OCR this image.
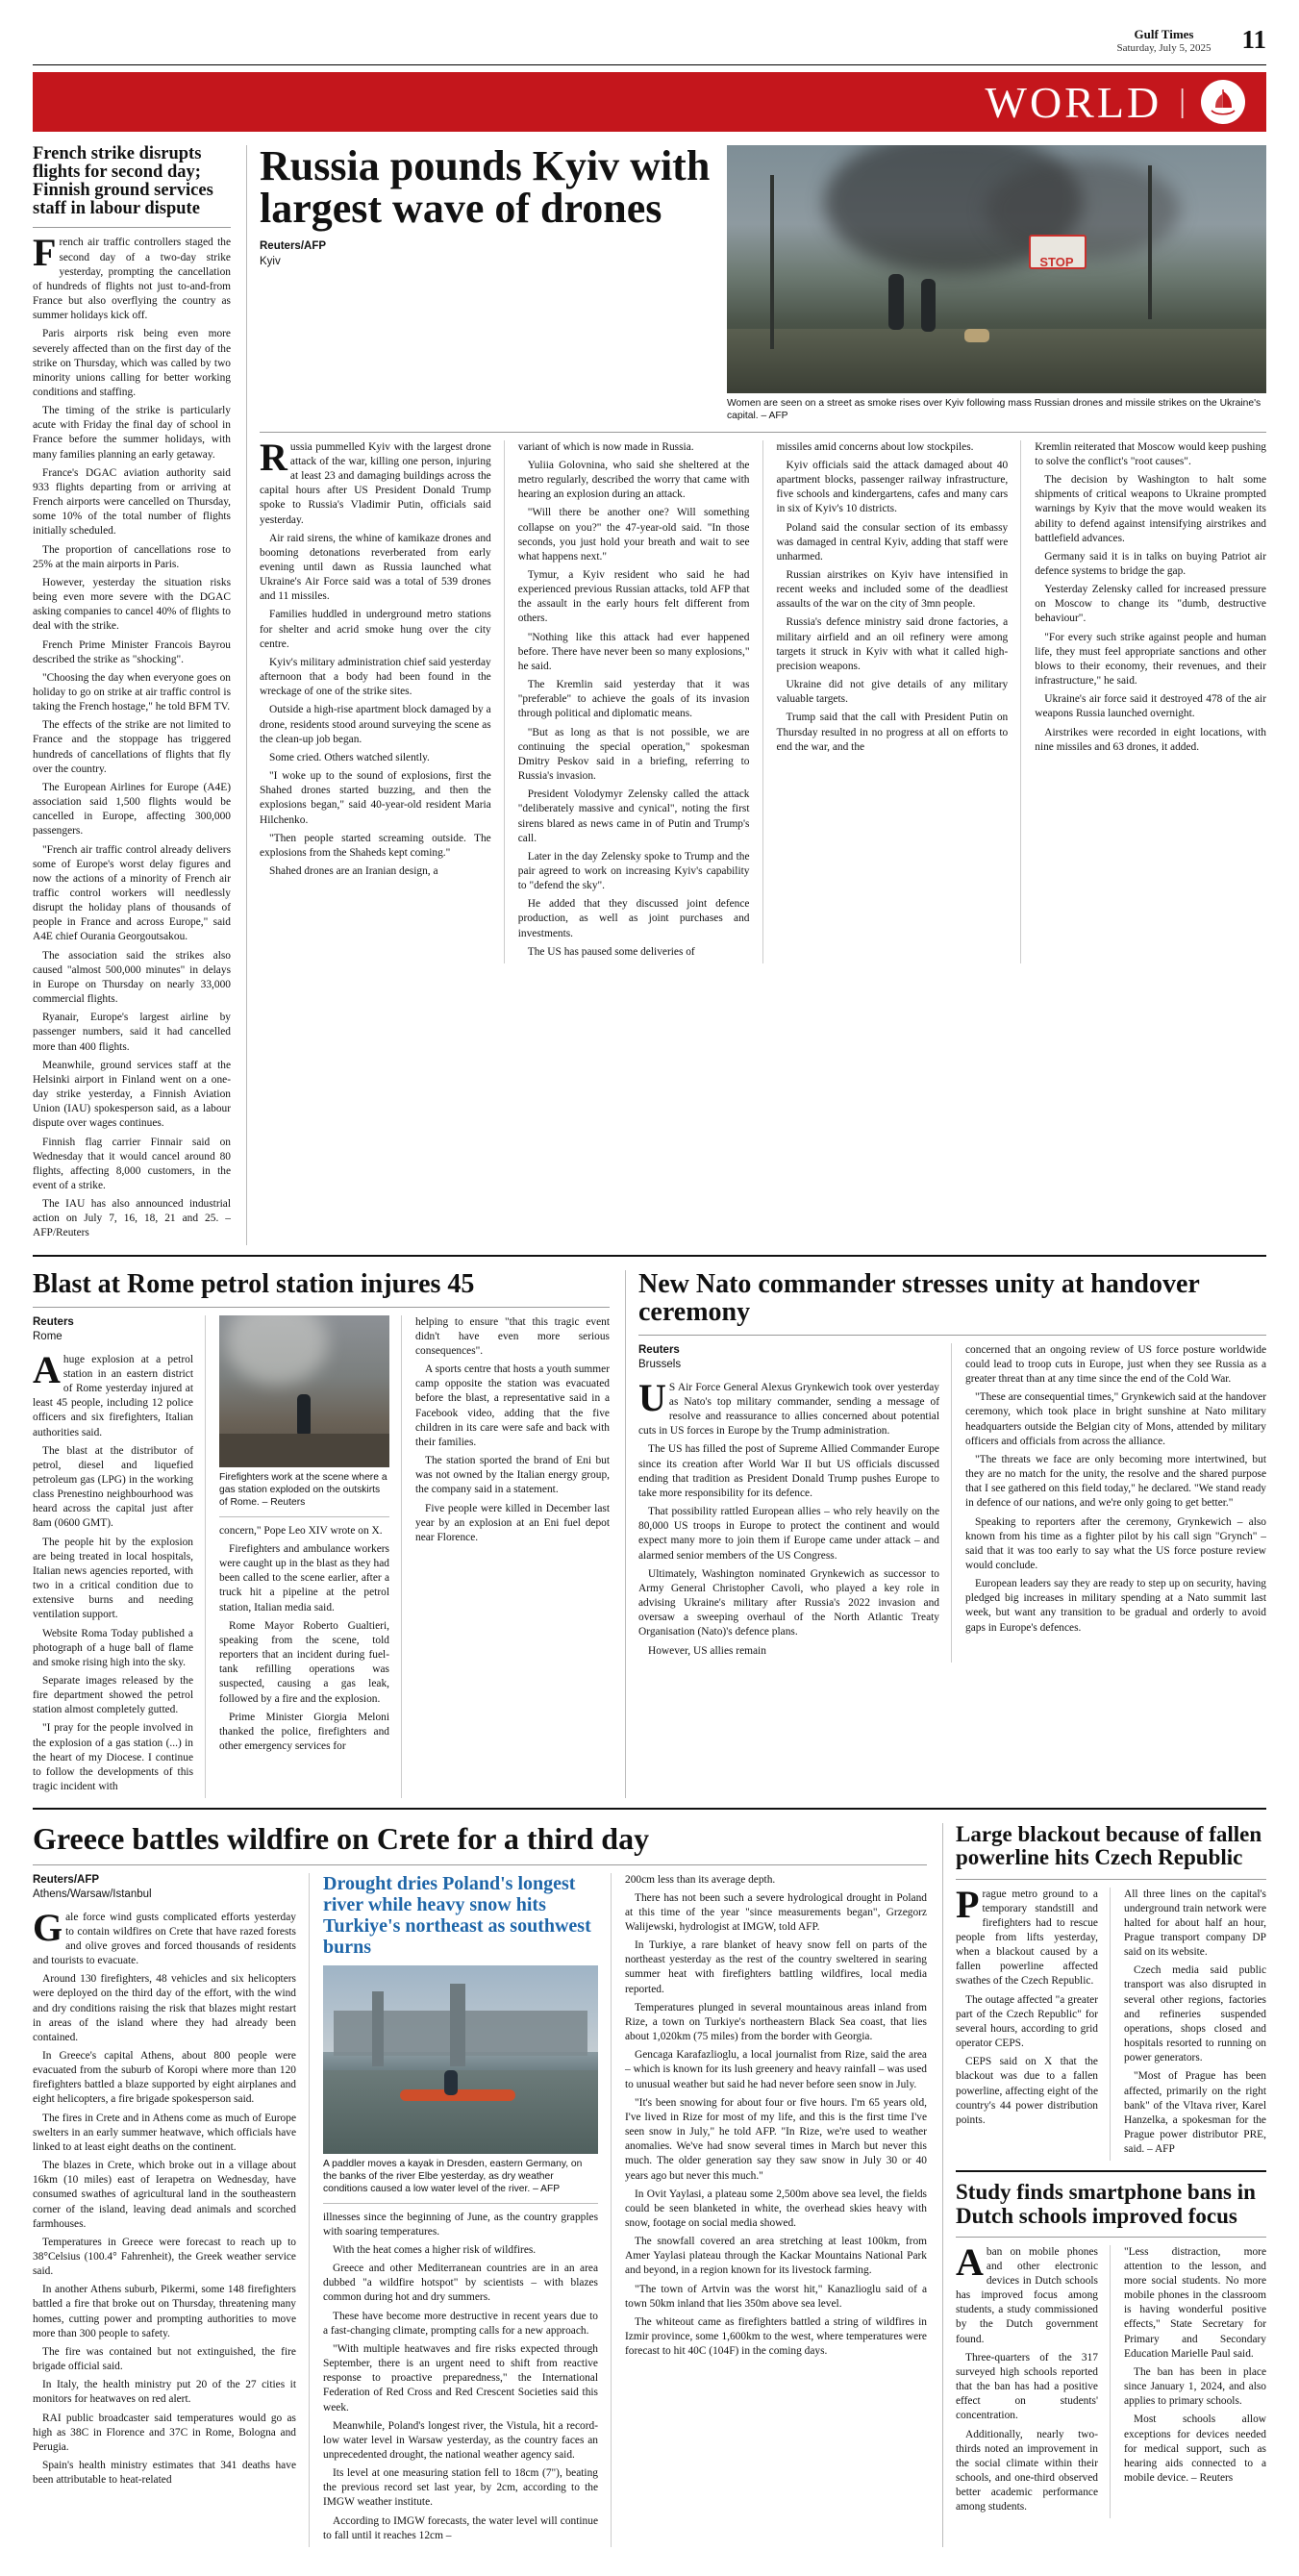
Gulf Times
Saturday, July 5, 2025 11
WORLD |
French strike disrupts flights for second day; Finnish ground services staff in labour dispute

French air traffic controllers staged the second day of a two-day strike yesterday, prompting the cancellation of hundreds of flights not just to-and-from France but also overflying the country as summer holidays kick off.

Paris airports risk being even more severely affected than on the first day of the strike on Thursday, which was called by two minority unions calling for better working conditions and staffing.

The timing of the strike is particularly acute with Friday the final day of school in France before the summer holidays, with many families planning an early getaway.

France's DGAC aviation authority said 933 flights departing from or arriving at French airports were cancelled on Thursday, some 10% of the total number of flights initially scheduled.

The proportion of cancellations rose to 25% at the main airports in Paris.

However, yesterday the situation risks being even more severe with the DGAC asking companies to cancel 40% of flights to deal with the strike.

French Prime Minister Francois Bayrou described the strike as "shocking".

"Choosing the day when everyone goes on holiday to go on strike at air traffic control is taking the French hostage," he told BFM TV.

The effects of the strike are not limited to France and the stoppage has triggered hundreds of cancellations of flights that fly over the country.

The European Airlines for Europe (A4E) association said 1,500 flights would be cancelled in Europe, affecting 300,000 passengers.

"French air traffic control already delivers some of Europe's worst delay figures and now the actions of a minority of French air traffic control workers will needlessly disrupt the holiday plans of thousands of people in France and across Europe," said A4E chief Ourania Georgoutsakou.

The association said the strikes also caused "almost 500,000 minutes" in delays in Europe on Thursday on nearly 33,000 commercial flights.

Ryanair, Europe's largest airline by passenger numbers, said it had cancelled more than 400 flights.

Meanwhile, ground services staff at the Helsinki airport in Finland went on a one-day strike yesterday, a Finnish Aviation Union (IAU) spokesperson said, as a labour dispute over wages continues.

Finnish flag carrier Finnair said on Wednesday that it would cancel around 80 flights, affecting 8,000 customers, in the event of a strike.

The IAU has also announced industrial action on July 7, 16, 18, 21 and 25. – AFP/Reuters

Russia pounds Kyiv with largest wave of drones
Reuters/AFP
Kyiv	STOP
Women are seen on a street as smoke rises over Kyiv following mass Russian drones and missile strikes on the Ukraine's capital. – AFP

Russia pummelled Kyiv with the largest drone attack of the war, killing one person, injuring at least 23 and damaging buildings across the capital hours after US President Donald Trump spoke to Russia's Vladimir Putin, officials said yesterday.

Air raid sirens, the whine of kamikaze drones and booming detonations reverberated from early evening until dawn as Russia launched what Ukraine's Air Force said was a total of 539 drones and 11 missiles.

Families huddled in underground metro stations for shelter and acrid smoke hung over the city centre.

Kyiv's military administration chief said yesterday afternoon that a body had been found in the wreckage of one of the strike sites.

Outside a high-rise apartment block damaged by a drone, residents stood around surveying the scene as the clean-up job began.

Some cried. Others watched silently.

"I woke up to the sound of explosions, first the Shahed drones started buzzing, and then the explosions began," said 40-year-old resident Maria Hilchenko.

"Then people started screaming outside. The explosions from the Shaheds kept coming."

Shahed drones are an Iranian design, a

variant of which is now made in Russia.

Yuliia Golovnina, who said she sheltered at the metro regularly, described the worry that came with hearing an explosion during an attack.

"Will there be another one? Will something collapse on you?" the 47-year-old said. "In those seconds, you just hold your breath and wait to see what happens next."

Tymur, a Kyiv resident who said he had experienced previous Russian attacks, told AFP that the assault in the early hours felt different from others.

"Nothing like this attack had ever happened before. There have never been so many explosions," he said.

The Kremlin said yesterday that it was "preferable" to achieve the goals of its invasion through political and diplomatic means.

"But as long as that is not possible, we are continuing the special operation," spokesman Dmitry Peskov said in a briefing, referring to Russia's invasion.

President Volodymyr Zelensky called the attack "deliberately massive and cynical", noting the first sirens blared as news came in of Putin and Trump's call.

Later in the day Zelensky spoke to Trump and the pair agreed to work on increasing Kyiv's capability to "defend the sky".

He added that they discussed joint defence production, as well as joint purchases and investments.

The US has paused some deliveries of

missiles amid concerns about low stockpiles.

Kyiv officials said the attack damaged about 40 apartment blocks, passenger railway infrastructure, five schools and kindergartens, cafes and many cars in six of Kyiv's 10 districts.

Poland said the consular section of its embassy was damaged in central Kyiv, adding that staff were unharmed.

Russian airstrikes on Kyiv have intensified in recent weeks and included some of the deadliest assaults of the war on the city of 3mn people.

Russia's defence ministry said drone factories, a military airfield and an oil refinery were among targets it struck in Kyiv with what it called high-precision weapons.

Ukraine did not give details of any military valuable targets.

Trump said that the call with President Putin on Thursday resulted in no progress at all on efforts to end the war, and the

Kremlin reiterated that Moscow would keep pushing to solve the conflict's "root causes".

The decision by Washington to halt some shipments of critical weapons to Ukraine prompted warnings by Kyiv that the move would weaken its ability to defend against intensifying airstrikes and battlefield advances.

Germany said it is in talks on buying Patriot air defence systems to bridge the gap.

Yesterday Zelensky called for increased pressure on Moscow to change its "dumb, destructive behaviour".

"For every such strike against people and human life, they must feel appropriate sanctions and other blows to their economy, their revenues, and their infrastructure," he said.

Ukraine's air force said it destroyed 478 of the air weapons Russia launched overnight.

Airstrikes were recorded in eight locations, with nine missiles and 63 drones, it added.

Blast at Rome petrol station injures 45
Reuters
Rome

Ahuge explosion at a petrol station in an eastern district of Rome yesterday injured at least 45 people, including 12 police officers and six firefighters, Italian authorities said.

The blast at the distributor of petrol, diesel and liquefied petroleum gas (LPG) in the working class Prenestino neighbourhood was heard across the capital just after 8am (0600 GMT).

The people hit by the explosion are being treated in local hospitals, Italian news agencies reported, with two in a critical condition due to extensive burns and needing ventilation support.

Website Roma Today published a photograph of a huge ball of flame and smoke rising high into the sky.

Separate images released by the fire department showed the petrol station almost completely gutted.

"I pray for the people involved in the explosion of a gas station (...) in the heart of my Diocese. I continue to follow the developments of this tragic incident with

Firefighters work at the scene where a gas station exploded on the outskirts of Rome. – Reuters

concern," Pope Leo XIV wrote on X.

Firefighters and ambulance workers were caught up in the blast as they had been called to the scene earlier, after a truck hit a pipeline at the petrol station, Italian media said.

Rome Mayor Roberto Gualtieri, speaking from the scene, told reporters that an incident during fuel-tank refilling operations was suspected, causing a gas leak, followed by a fire and the explosion.

Prime Minister Giorgia Meloni thanked the police, firefighters and other emergency services for

helping to ensure "that this tragic event didn't have even more serious consequences".

A sports centre that hosts a youth summer camp opposite the station was evacuated before the blast, a representative said in a Facebook video, adding that the five children in its care were safe and back with their families.

The station sported the brand of Eni but was not owned by the Italian energy group, the company said in a statement.

Five people were killed in December last year by an explosion at an Eni fuel depot near Florence.

New Nato commander stresses unity at handover ceremony
Reuters
Brussels

US Air Force General Alexus Grynkewich took over yesterday as Nato's top military commander, sending a message of resolve and reassurance to allies concerned about potential cuts in US forces in Europe by the Trump administration.

The US has filled the post of Supreme Allied Commander Europe since its creation after World War II but US officials discussed ending that tradition as President Donald Trump pushes Europe to take more responsibility for its defence.

That possibility rattled European allies – who rely heavily on the 80,000 US troops in Europe to protect the continent and would expect many more to join them if Europe came under attack – and alarmed senior members of the US Congress.

Ultimately, Washington nominated Grynkewich as successor to Army General Christopher Cavoli, who played a key role in advising Ukraine's military after Russia's 2022 invasion and oversaw a sweeping overhaul of the North Atlantic Treaty Organisation (Nato)'s defence plans.

However, US allies remain

concerned that an ongoing review of US force posture worldwide could lead to troop cuts in Europe, just when they see Russia as a greater threat than at any time since the end of the Cold War.

"These are consequential times," Grynkewich said at the handover ceremony, which took place in bright sunshine at Nato military headquarters outside the Belgian city of Mons, attended by military officers and officials from across the alliance.

"The threats we face are only becoming more intertwined, but they are no match for the unity, the resolve and the shared purpose that I see gathered on this field today," he declared. "We stand ready in defence of our nations, and we're only going to get better."

Speaking to reporters after the ceremony, Grynkewich – also known from his time as a fighter pilot by his call sign "Grynch" – said that it was too early to say what the US force posture review would conclude.

European leaders say they are ready to step up on security, having pledged big increases in military spending at a Nato summit last week, but want any transition to be gradual and orderly to avoid gaps in Europe's defences.

Greece battles wildfire on Crete for a third day
Reuters/AFP
Athens/Warsaw/Istanbul

Gale force wind gusts complicated efforts yesterday to contain wildfires on Crete that have razed forests and olive groves and forced thousands of residents and tourists to evacuate.

Around 130 firefighters, 48 vehicles and six helicopters were deployed on the third day of the effort, with the wind and dry conditions raising the risk that blazes might restart in areas of the island where they had already been contained.

In Greece's capital Athens, about 800 people were evacuated from the suburb of Koropi where more than 120 firefighters battled a blaze supported by eight airplanes and eight helicopters, a fire brigade spokesperson said.

The fires in Crete and in Athens come as much of Europe swelters in an early summer heatwave, which officials have linked to at least eight deaths on the continent.

The blazes in Crete, which broke out in a village about 16km (10 miles) east of Ierapetra on Wednesday, have consumed swathes of agricultural land in the southeastern corner of the island, leaving dead animals and scorched farmhouses.

Temperatures in Greece were forecast to reach up to 38°Celsius (100.4° Fahrenheit), the Greek weather service said.

In another Athens suburb, Pikermi, some 148 firefighters battled a fire that broke out on Thursday, threatening many homes, cutting power and prompting authorities to move more than 300 people to safety.

The fire was contained but not extinguished, the fire brigade official said.

In Italy, the health ministry put 20 of the 27 cities it monitors for heatwaves on red alert.

RAI public broadcaster said temperatures would go as high as 38C in Florence and 37C in Rome, Bologna and Perugia.

Spain's health ministry estimates that 341 deaths have been attributable to heat-related

Drought dries Poland's longest river while heavy snow hits Turkiye's northeast as southwest burns
A paddler moves a kayak in Dresden, eastern Germany, on the banks of the river Elbe yesterday, as dry weather conditions caused a low water level of the river. – AFP

illnesses since the beginning of June, as the country grapples with soaring temperatures.

With the heat comes a higher risk of wildfires.

Greece and other Mediterranean countries are in an area dubbed "a wildfire hotspot" by scientists – with blazes common during hot and dry summers.

These have become more destructive in recent years due to a fast-changing climate, prompting calls for a new approach.

"With multiple heatwaves and fire risks expected through September, there is an urgent need to shift from reactive response to proactive preparedness," the International Federation of Red Cross and Red Crescent Societies said this week.

Meanwhile, Poland's longest river, the Vistula, hit a record-low water level in Warsaw yesterday, as the country faces an unprecedented drought, the national weather agency said.

Its level at one measuring station fell to 18cm (7"), beating the previous record set last year, by 2cm, according to the IMGW weather institute.

According to IMGW forecasts, the water level will continue to fall until it reaches 12cm –

200cm less than its average depth.

There has not been such a severe hydrological drought in Poland at this time of the year "since measurements began", Grzegorz Walijewski, hydrologist at IMGW, told AFP.

In Turkiye, a rare blanket of heavy snow fell on parts of the northeast yesterday as the rest of the country sweltered in searing summer heat with firefighters battling wildfires, local media reported.

Temperatures plunged in several mountainous areas inland from Rize, a town on Turkiye's northeastern Black Sea coast, that lies about 1,020km (75 miles) from the border with Georgia.

Gencaga Karafazlioglu, a local journalist from Rize, said the area – which is known for its lush greenery and heavy rainfall – was used to unusual weather but said he had never before seen snow in July.

"It's been snowing for about four or five hours. I'm 65 years old, I've lived in Rize for most of my life, and this is the first time I've seen snow in July," he told AFP. "In Rize, we're used to weather anomalies. We've had snow several times in March but never this much. The older generation say they saw snow in July 30 or 40 years ago but never this much."

In Ovit Yaylasi, a plateau some 2,500m above sea level, the fields could be seen blanketed in white, the overhead skies heavy with snow, footage on social media showed.

The snowfall covered an area stretching at least 100km, from Amer Yaylasi plateau through the Kackar Mountains National Park and beyond, in a region known for its livestock farming.

"The town of Artvin was the worst hit," Kanazlioglu said of a town 50km inland that lies 350m above sea level.

The whiteout came as firefighters battled a string of wildfires in Izmir province, some 1,600km to the west, where temperatures were forecast to hit 40C (104F) in the coming days.

Large blackout because of fallen powerline hits Czech Republic

Prague metro ground to a temporary standstill and firefighters had to rescue people from lifts yesterday, when a blackout caused by a fallen powerline affected swathes of the Czech Republic.

The outage affected "a greater part of the Czech Republic" for several hours, according to grid operator CEPS.

CEPS said on X that the blackout was due to a fallen powerline, affecting eight of the country's 44 power distribution points.

All three lines on the capital's underground train network were halted for about half an hour, Prague transport company DP said on its website.

Czech media said public transport was also disrupted in several other regions, factories and refineries suspended operations, shops closed and hospitals resorted to running on power generators.

"Most of Prague has been affected, primarily on the right bank" of the Vltava river, Karel Hanzelka, a spokesman for the Prague power distributor PRE, said. – AFP

Study finds smartphone bans in Dutch schools improved focus

Aban on mobile phones and other electronic devices in Dutch schools has improved focus among students, a study commissioned by the Dutch government found.

Three-quarters of the 317 surveyed high schools reported that the ban has had a positive effect on students' concentration.

Additionally, nearly two-thirds noted an improvement in the social climate within their schools, and one-third observed better academic performance among students.

"Less distraction, more attention to the lesson, and more social students. No more mobile phones in the classroom is having wonderful positive effects," State Secretary for Primary and Secondary Education Marielle Paul said.

The ban has been in place since January 1, 2024, and also applies to primary schools.

Most schools allow exceptions for devices needed for medical support, such as hearing aids connected to a mobile device. – Reuters
